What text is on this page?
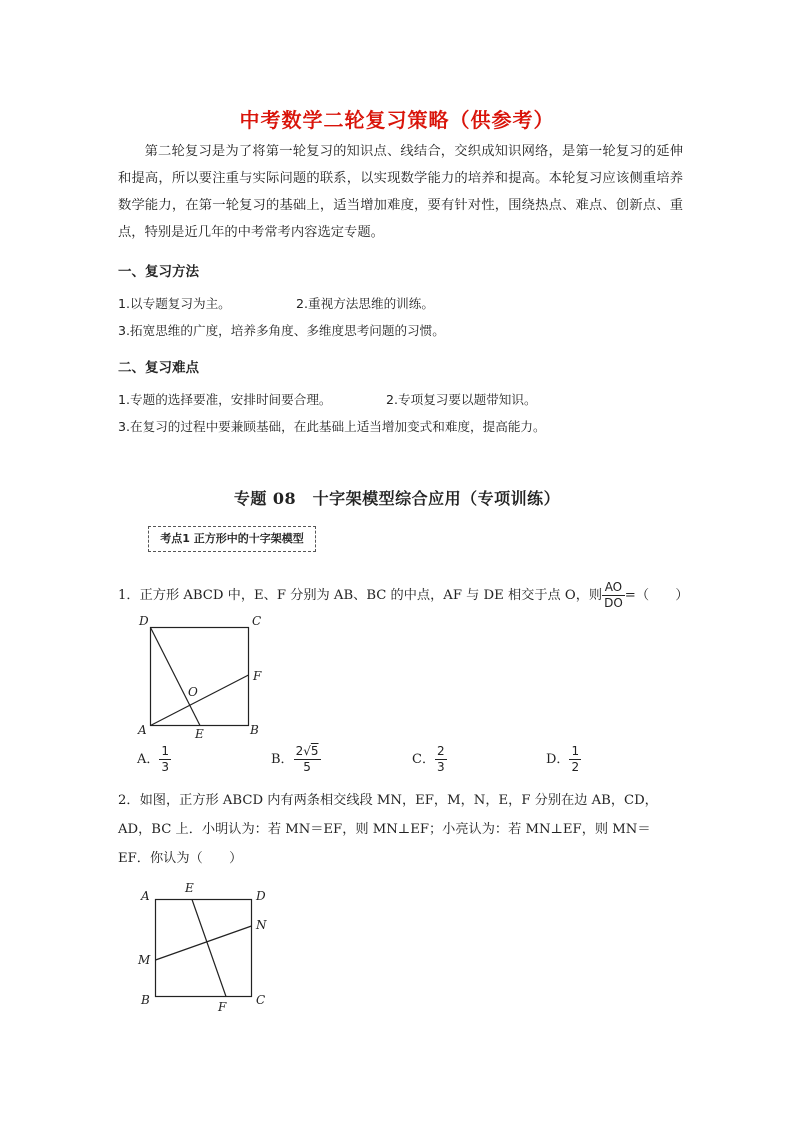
中考数学二轮复习策略（供参考）
第二轮复习是为了将第一轮复习的知识点、线结合，交织成知识网络，是第一轮复习的延伸和提高，所以要注重与实际问题的联系，以实现数学能力的培养和提高。本轮复习应该侧重培养数学能力，在第一轮复习的基础上，适当增加难度，要有针对性，围绕热点、难点、创新点、重点，特别是近几年的中考常考内容选定专题。
一、复习方法
1.以专题复习为主。	2.重视方法思维的训练。
3.拓宽思维的广度，培养多角度、多维度思考问题的习惯。
二、复习难点
1.专题的选择要准，安排时间要合理。	2.专项复习要以题带知识。
3.在复习的过程中要兼顾基础，在此基础上适当增加变式和难度，提高能力。
专题 08　十字架模型综合应用（专项训练）
考点1 正方形中的十字架模型
1．正方形 ABCD 中，E、F 分别为 AB、BC 的中点，AF 与 DE 相交于点 O，则 $\frac{AO}{DO}$ =（　　）
D	C
A	B
E
F
O
A． $\frac{1}{3}$	B． $\frac{2√5}{5}$	C． $\frac{2}{3}$	D． $\frac{1}{2}$
2．如图，正方形 ABCD 内有两条相交线段 MN，EF，M，N，E，F 分别在边 AB，CD，AD，BC 上．小明认为：若 MN＝EF，则 MN⊥EF；小亮认为：若 MN⊥EF，则 MN＝EF．你认为（　　）
A
E
D
N
M
B	F C
